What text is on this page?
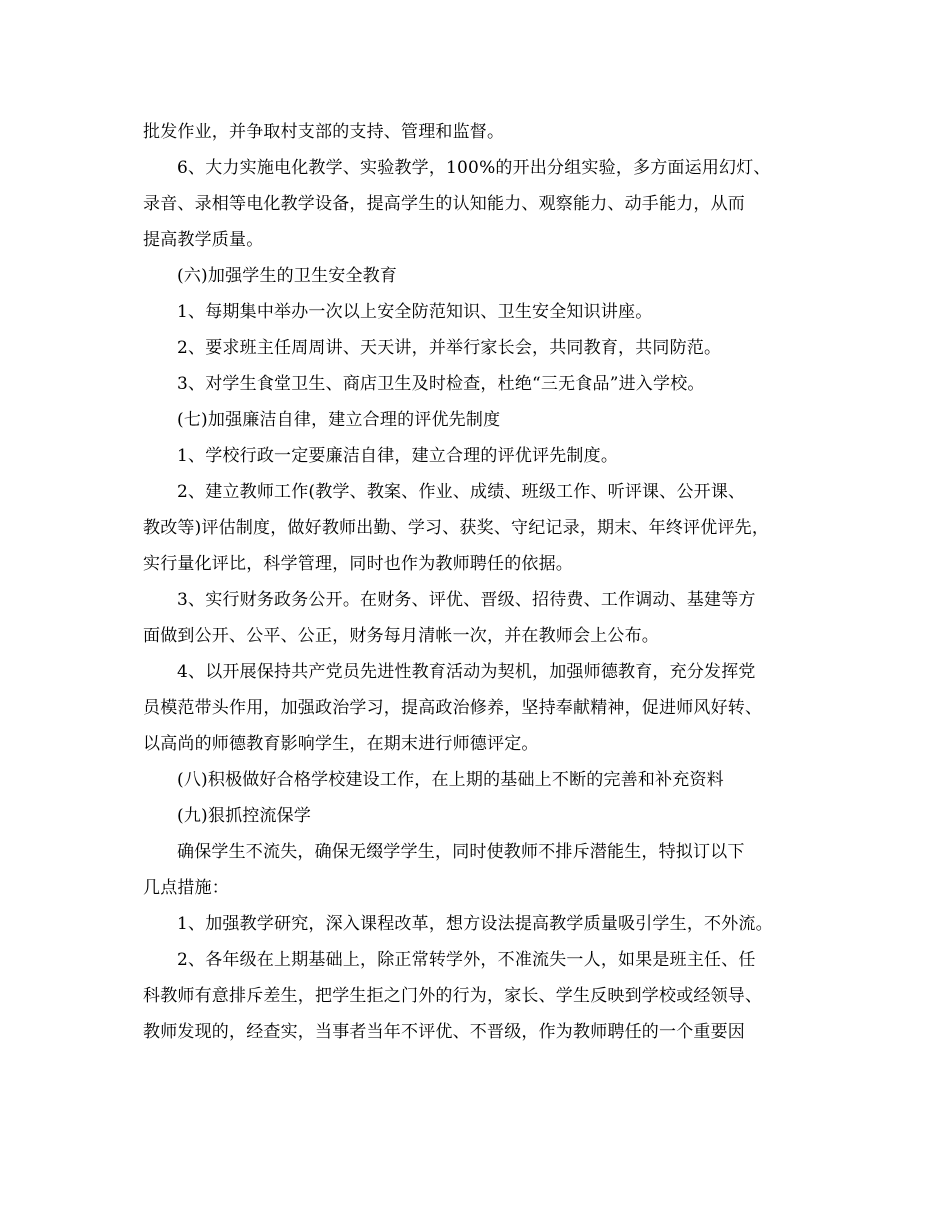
批发作业，并争取村支部的支持、管理和监督。
6、大力实施电化教学、实验教学，100%的开出分组实验，多方面运用幻灯、
录音、录相等电化教学设备，提高学生的认知能力、观察能力、动手能力，从而
提高教学质量。
(六)加强学生的卫生安全教育
1、每期集中举办一次以上安全防范知识、卫生安全知识讲座。
2、要求班主任周周讲、天天讲，并举行家长会，共同教育，共同防范。
3、对学生食堂卫生、商店卫生及时检查，杜绝“三无食品”进入学校。
(七)加强廉洁自律，建立合理的评优先制度
1、学校行政一定要廉洁自律，建立合理的评优评先制度。
2、建立教师工作(教学、教案、作业、成绩、班级工作、听评课、公开课、
教改等)评估制度，做好教师出勤、学习、获奖、守纪记录，期末、年终评优评先，
实行量化评比，科学管理，同时也作为教师聘任的依据。
3、实行财务政务公开。在财务、评优、晋级、招待费、工作调动、基建等方
面做到公开、公平、公正，财务每月清帐一次，并在教师会上公布。
4、以开展保持共产党员先进性教育活动为契机，加强师德教育，充分发挥党
员模范带头作用，加强政治学习，提高政治修养，坚持奉献精神，促进师风好转、
以高尚的师德教育影响学生，在期末进行师德评定。
(八)积极做好合格学校建设工作，在上期的基础上不断的完善和补充资料
(九)狠抓控流保学
确保学生不流失，确保无缀学学生，同时使教师不排斥潜能生，特拟订以下
几点措施：
1、加强教学研究，深入课程改革，想方设法提高教学质量吸引学生，不外流。
2、各年级在上期基础上，除正常转学外，不准流失一人，如果是班主任、任
科教师有意排斥差生，把学生拒之门外的行为，家长、学生反映到学校或经领导、
教师发现的，经查实，当事者当年不评优、不晋级，作为教师聘任的一个重要因
